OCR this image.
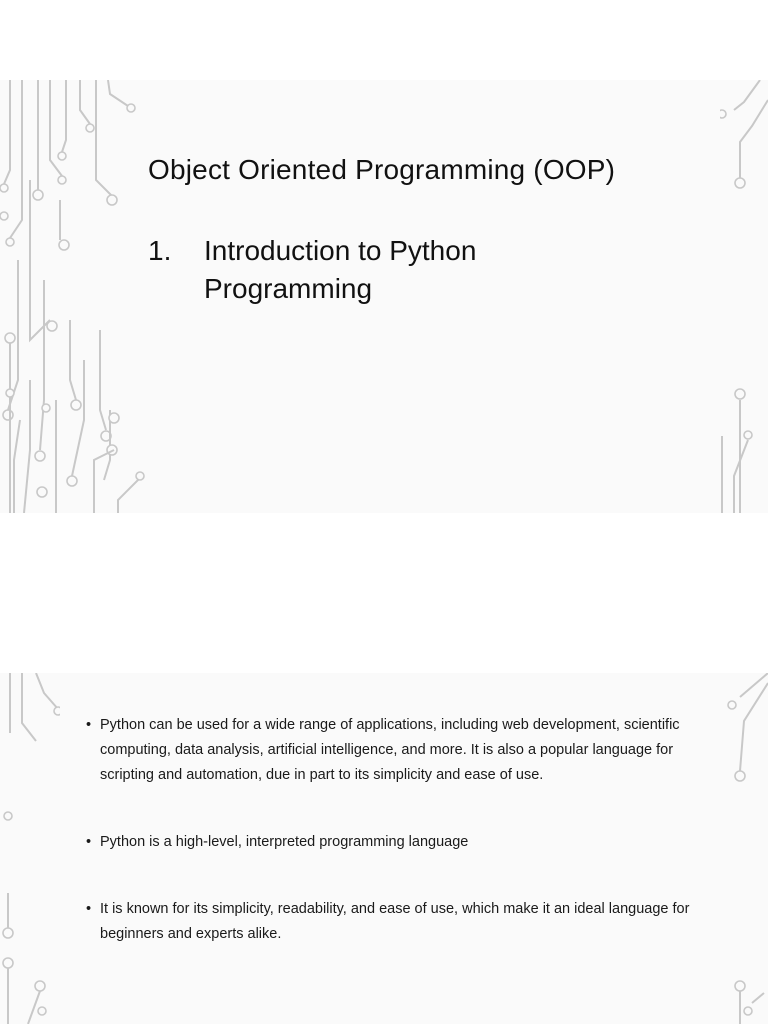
Object Oriented Programming (OOP)
1. Introduction to Python Programming
• Python can be used for a wide range of applications, including web development, scientific computing, data analysis, artificial intelligence, and more. It is also a popular language for scripting and automation, due in part to its simplicity and ease of use.
• Python is a high-level, interpreted programming language
• It is known for its simplicity, readability, and ease of use, which make it an ideal language for beginners and experts alike.
